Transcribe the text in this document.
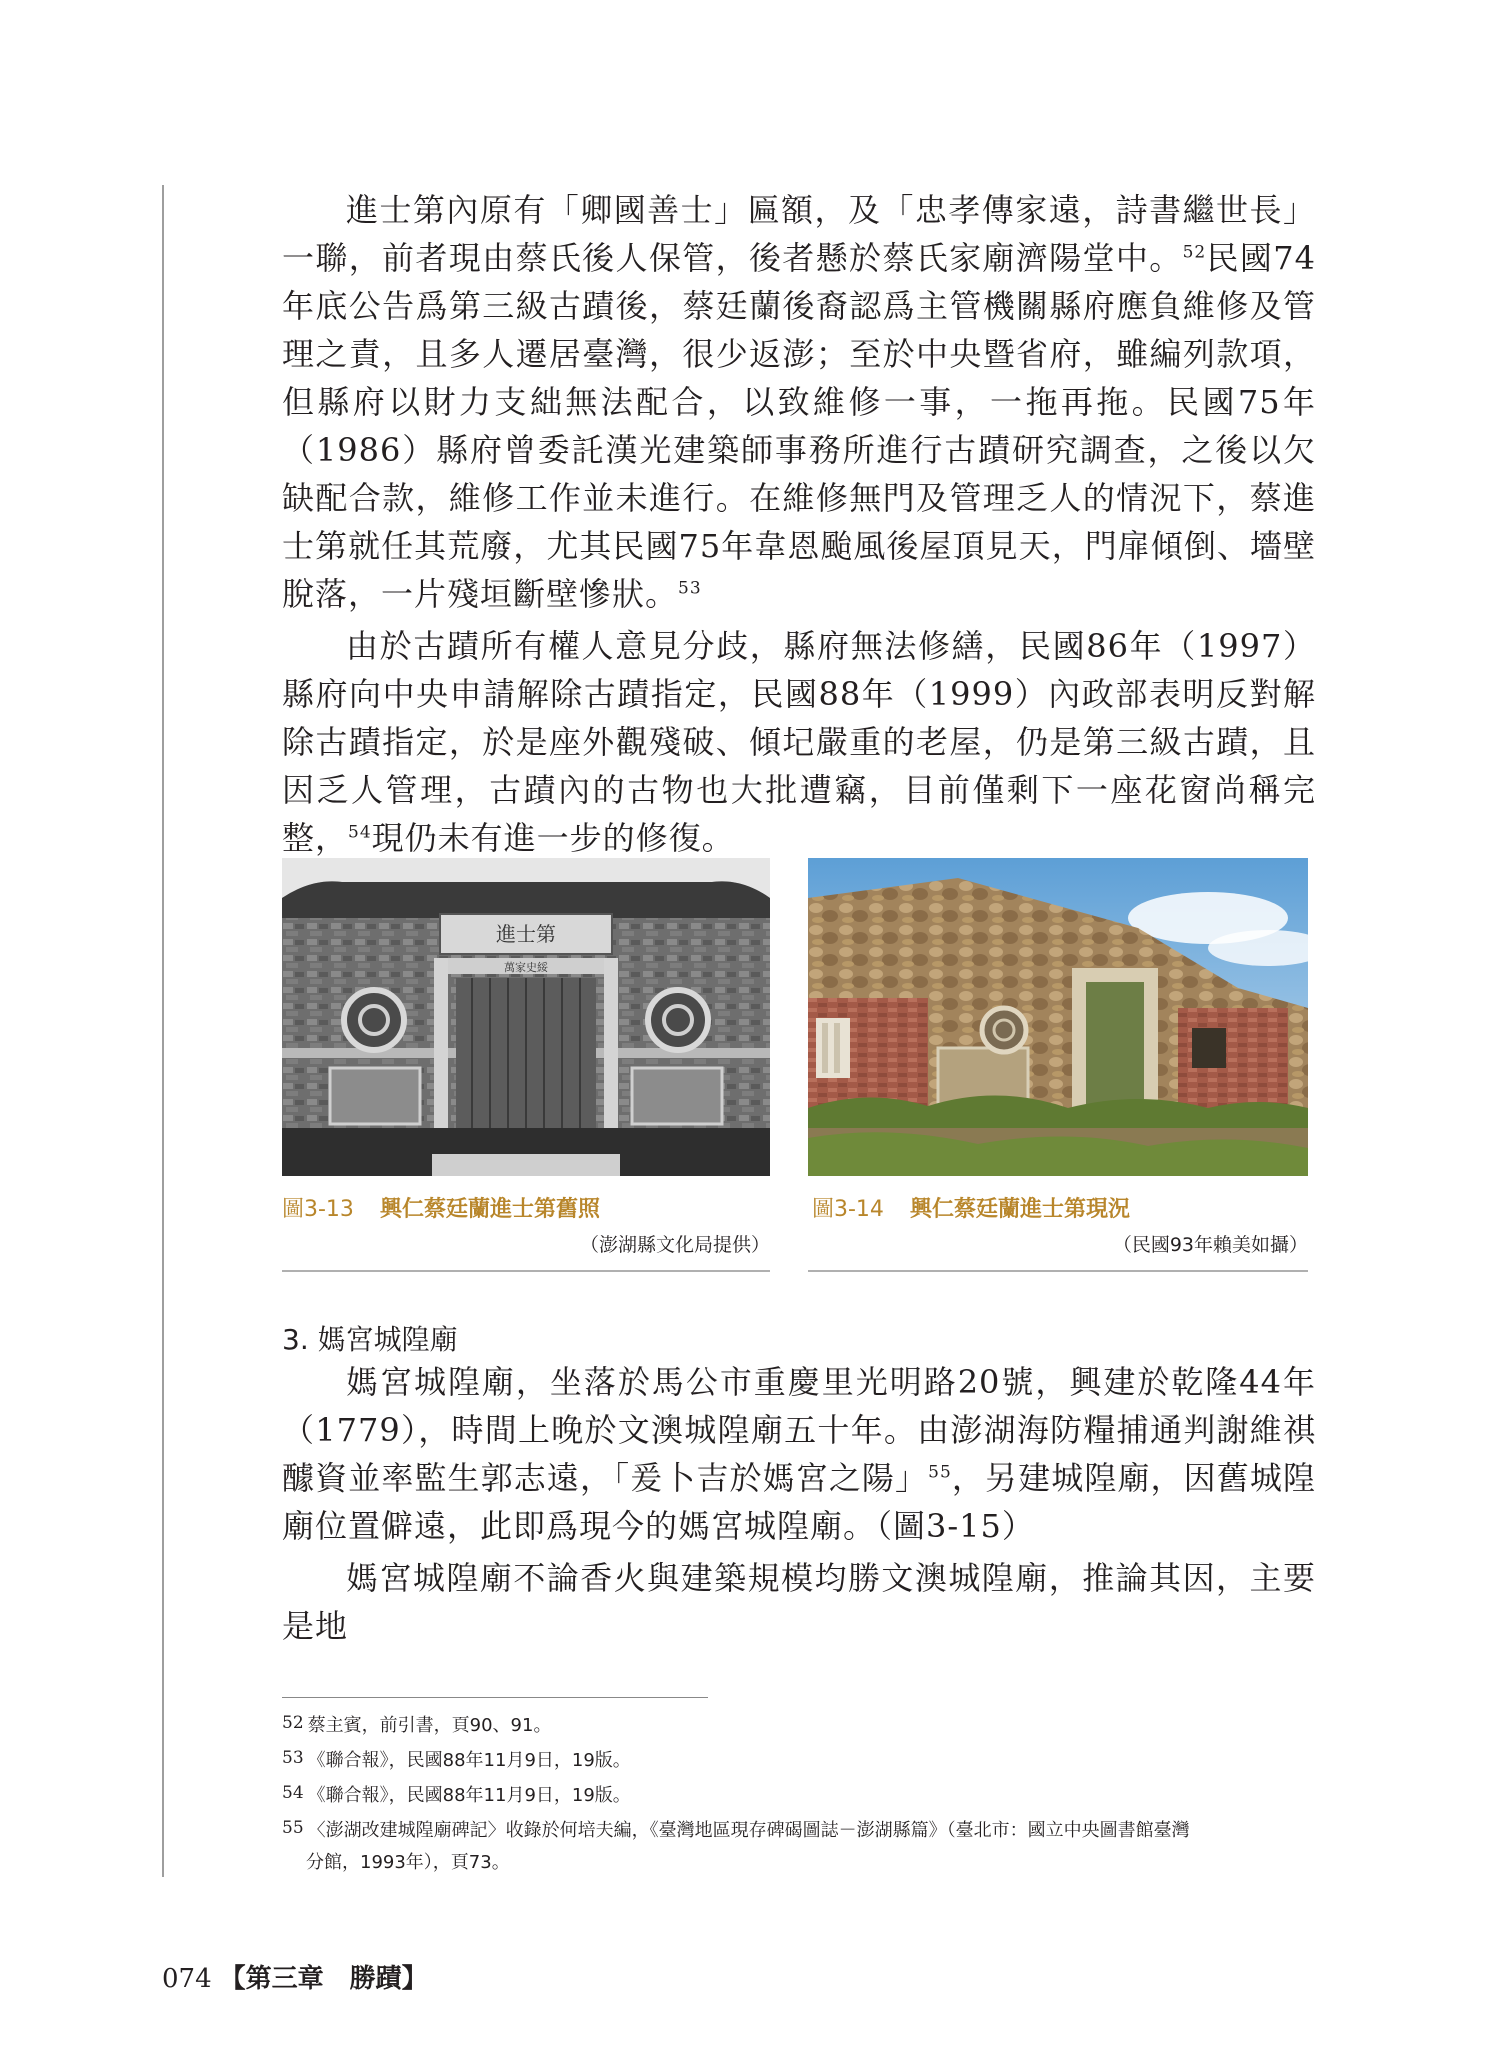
進士第內原有「卿國善士」匾額，及「忠孝傳家遠，詩書繼世長」一聯，前者現由蔡氏後人保管，後者懸於蔡氏家廟濟陽堂中。$^{52}$民國74年底公告爲第三級古蹟後，蔡廷蘭後裔認爲主管機關縣府應負維修及管理之責，且多人遷居臺灣，很少返澎；至於中央暨省府，雖編列款項，但縣府以財力支絀無法配合，以致維修一事，一拖再拖。民國75年（1986）縣府曾委託漢光建築師事務所進行古蹟研究調查，之後以欠缺配合款，維修工作並未進行。在維修無門及管理乏人的情況下，蔡進士第就任其荒廢，尤其民國75年韋恩颱風後屋頂見天，門扉傾倒、墻壁脫落，一片殘垣斷壁慘狀。$^{53}$

由於古蹟所有權人意見分歧，縣府無法修繕，民國86年（1997）縣府向中央申請解除古蹟指定，民國88年（1999）內政部表明反對解除古蹟指定，於是座外觀殘破、傾圮嚴重的老屋，仍是第三級古蹟，且因乏人管理，古蹟內的古物也大批遭竊，目前僅剩下一座花窗尚稱完整，$^{54}$現仍未有進一步的修復。

進士第
萬家史綏
圖3-13 興仁蔡廷蘭進士第舊照
（澎湖縣文化局提供）
圖3-14 興仁蔡廷蘭進士第現況
（民國93年賴美如攝）
3. 媽宮城隍廟

媽宮城隍廟，坐落於馬公市重慶里光明路20號，興建於乾隆44年（1779），時間上晚於文澳城隍廟五十年。由澎湖海防糧捕通判謝維祺醵資並率監生郭志遠，「爰卜吉於媽宮之陽」$^{55}$，另建城隍廟，因舊城隍廟位置僻遠，此即爲現今的媽宮城隍廟。（圖3-15）

媽宮城隍廟不論香火與建築規模均勝文澳城隍廟，推論其因，主要是地

52 蔡主賓，前引書，頁90、91。
53 《聯合報》，民國88年11月9日，19版。
54 《聯合報》，民國88年11月9日，19版。
55 〈澎湖改建城隍廟碑記〉收錄於何培夫編，《臺灣地區現存碑碣圖誌－澎湖縣篇》（臺北市：國立中央圖書館臺灣
分館，1993年），頁73。
074 【第三章　勝蹟】
